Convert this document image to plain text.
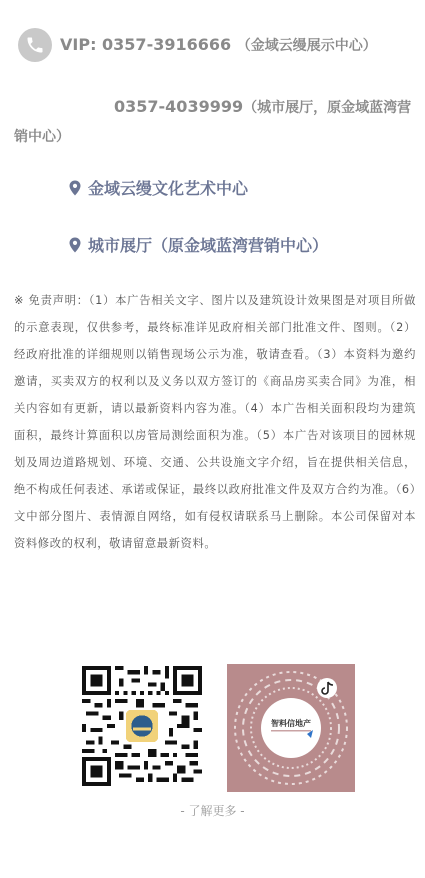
VIP: 0357-3916666 （金域云缦展示中心）
0357-4039999（城市展厅，原金域蓝湾营销中心）
金域云缦文化艺术中心
城市展厅（原金域蓝湾营销中心）
※ 免责声明：（1）本广告相关文字、图片以及建筑设计效果图是对项目所做的示意表现，仅供参考，最终标准详见政府相关部门批准文件、图则。（2）经政府批准的详细规则以销售现场公示为准，敬请查看。（3）本资料为邀约邀请，买卖双方的权利以及义务以双方签订的《商品房买卖合同》为准，相关内容如有更新，请以最新资料内容为准。（4）本广告相关面积段均为建筑面积，最终计算面积以房管局测绘面积为准。（5）本广告对该项目的园林规划及周边道路规划、环境、交通、公共设施文字介绍，旨在提供相关信息，绝不构成任何表述、承诺或保证，最终以政府批准文件及双方合约为准。（6）文中部分图片、表情源自网络，如有侵权请联系马上删除。本公司保留对本资料修改的权利，敬请留意最新资料。
智料信地产
- 了解更多 -
